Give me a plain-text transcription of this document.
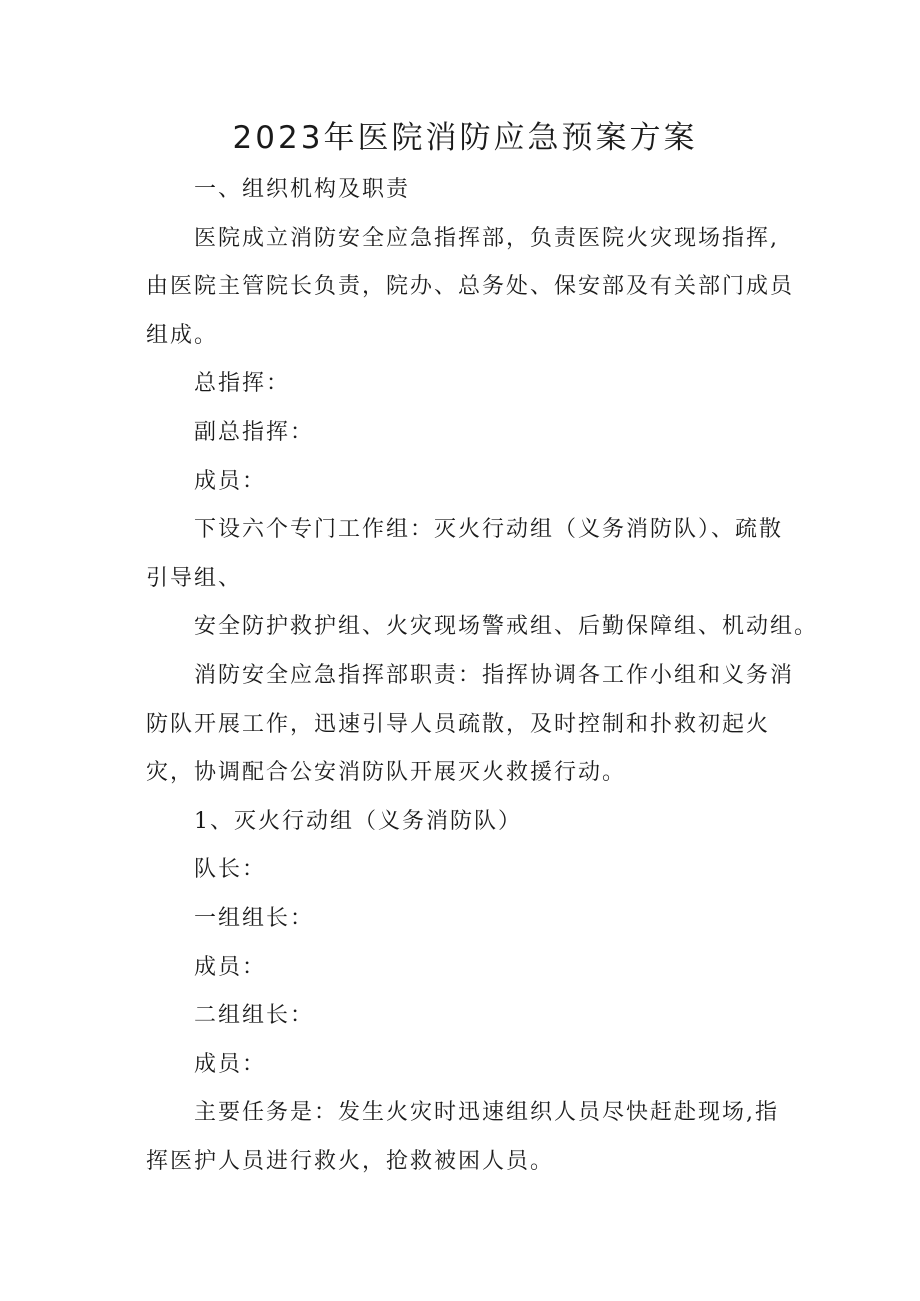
2023年医院消防应急预案方案

一、组织机构及职责

医院成立消防安全应急指挥部，负责医院火灾现场指挥,由医院主管院长负责，院办、总务处、保安部及有关部门成员组成。

总指挥：

副总指挥：

成员：

下设六个专门工作组：灭火行动组（义务消防队）、疏散引导组、

安全防护救护组、火灾现场警戒组、后勤保障组、机动组。

消防安全应急指挥部职责：指挥协调各工作小组和义务消防队开展工作，迅速引导人员疏散，及时控制和扑救初起火灾，协调配合公安消防队开展灭火救援行动。

1、灭火行动组（义务消防队）

队长：

一组组长：

成员：

二组组长：

成员：

主要任务是：发生火灾时迅速组织人员尽快赶赴现场,指挥医护人员进行救火，抢救被困人员。
